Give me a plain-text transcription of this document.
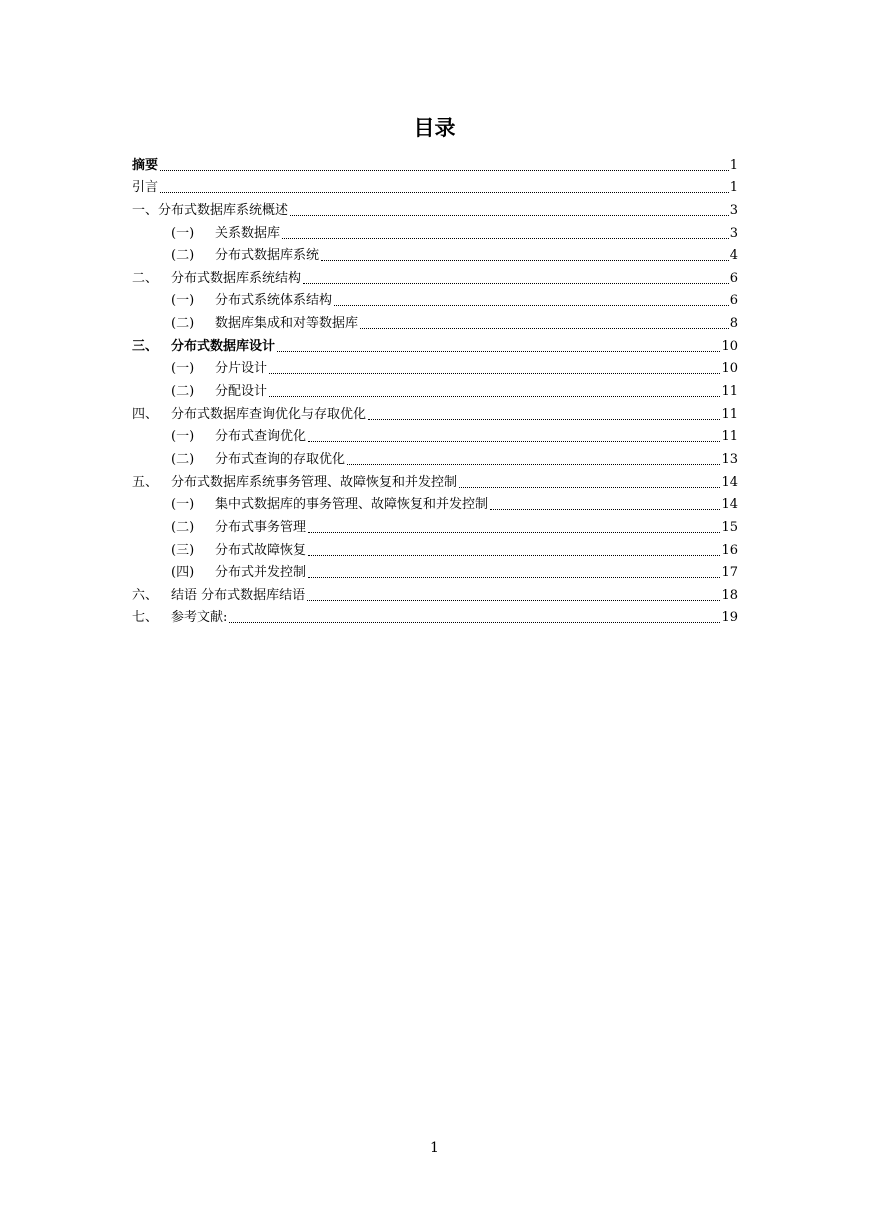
目录
摘要	1
引言	1
一、分布式数据库系统概述	3
(一)	关系数据库	3
(二)	分布式数据库系统	4
二、 分布式数据库系统结构	6
(一)	分布式系统体系结构	6
(二)	数据库集成和对等数据库	8
三、 分布式数据库设计	10
(一)	分片设计	10
(二)	分配设计	11
四、 分布式数据库查询优化与存取优化	11
(一)	分布式查询优化	11
(二)	分布式查询的存取优化	13
五、 分布式数据库系统事务管理、故障恢复和并发控制	14
(一)	集中式数据库的事务管理、故障恢复和并发控制	14
(二)	分布式事务管理	15
(三)	分布式故障恢复	16
(四)	分布式并发控制	17
六、 结语 分布式数据库结语	18
七、 参考文献:	19
1
